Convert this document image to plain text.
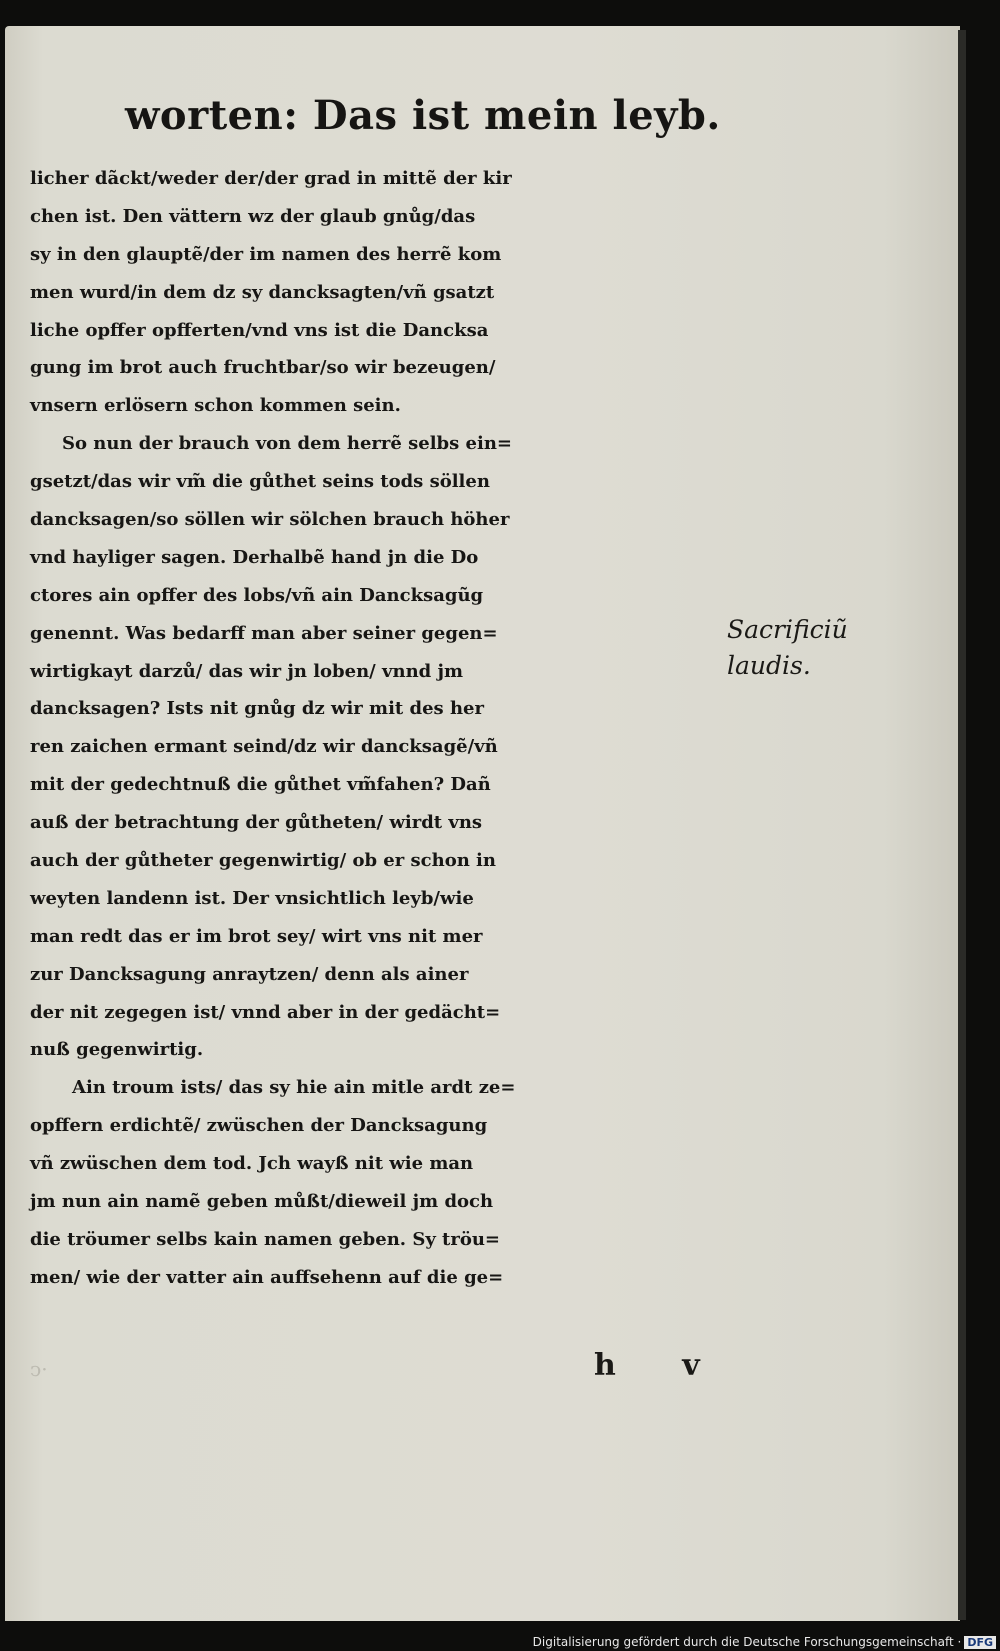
worten: Das ist mein leyb.
licher dãckt/weder der/der grad in mittẽ der kir
chen ist. Den vättern wz der glaub gnůg/das
sy in den glauptẽ/der im namen des herrẽ kom
men wurd/in dem dz sy dancksagten/vñ gsatzt
liche opffer opfferten/vnd vns ist die Dancksa
gung im brot auch fruchtbar/so wir bezeugen/
vnsern erlösern schon kommen sein.
So nun der brauch von dem herrẽ selbs ein=
gsetzt/das wir vm̃ die gůthet seins tods söllen
dancksagen/so söllen wir sölchen brauch höher
vnd hayliger sagen. Derhalbẽ hand jn die Do
ctores ain opffer des lobs/vñ ain Dancksagũg
genennt. Was bedarff man aber seiner gegen=
wirtigkayt darzů/ das wir jn loben/ vnnd jm
dancksagen? Ists nit gnůg dz wir mit des her
ren zaichen ermant seind/dz wir dancksagẽ/vñ
mit der gedechtnuß die gůthet vm̃fahen? Dañ
auß der betrachtung der gůtheten/ wirdt vns
auch der gůtheter gegenwirtig/ ob er schon in
weyten landenn ist. Der vnsichtlich leyb/wie
man redt das er im brot sey/ wirt vns nit mer
zur Dancksagung anraytzen/ denn als ainer
der nit zegegen ist/ vnnd aber in der gedächt=
nuß gegenwirtig.
Ain troum ists/ das sy hie ain mitle ardt ze=
opffern erdichtẽ/ zwüschen der Dancksagung
vñ zwüschen dem tod. Jch wayß nit wie man
jm nun ain namẽ geben můßt/dieweil jm doch
die tröumer selbs kain namen geben. Sy tröu=
men/ wie der vatter ain auffsehenn auf die ge=
Sacrificiũ
laudis.
ↄ·	h v
Digitalisierung gefördert durch die Deutsche Forschungsgemeinschaft · DFG
